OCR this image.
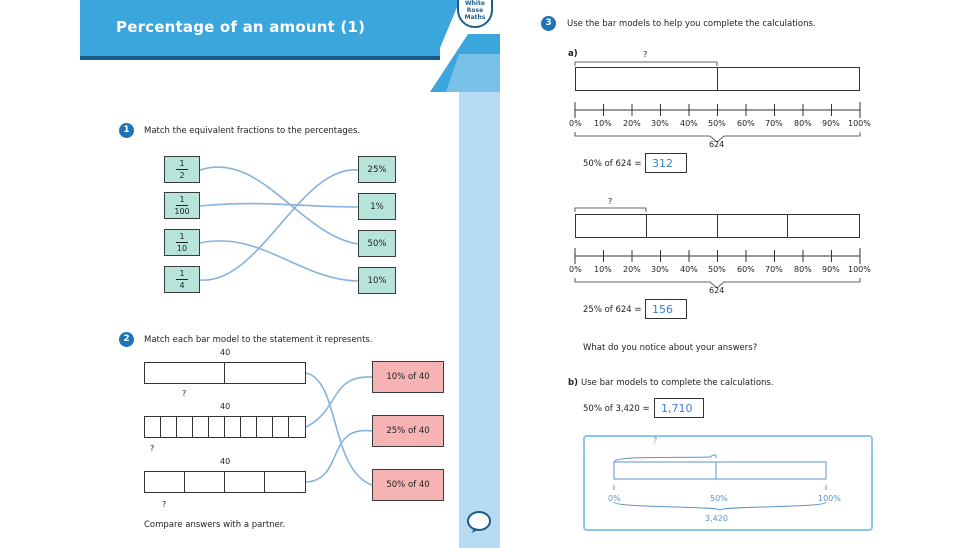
Percentage of an amount (1)
White Rose Maths
1	Match the equivalent fractions to the percentages.
1
2
1
100
1
10
1
4
25%
1%
50%
10%
2	Match each bar model to the statement it represents.
40
?
40
?
40
?
10% of 40
25% of 40
50% of 40
Compare answers with a partner.
3	Use the bar models to help you complete the calculations.
a)	?
0% 10% 20% 30% 40% 50% 60% 70% 80% 90% 100%
624
50% of 624 = 312
?
0% 10% 20% 30% 40% 50% 60% 70% 80% 90% 100%
624
25% of 624 = 156
What do you notice about your answers?
b) Use bar models to complete the calculations.
50% of 3,420 =	1,710
?
0%	50%	100%
3,420
